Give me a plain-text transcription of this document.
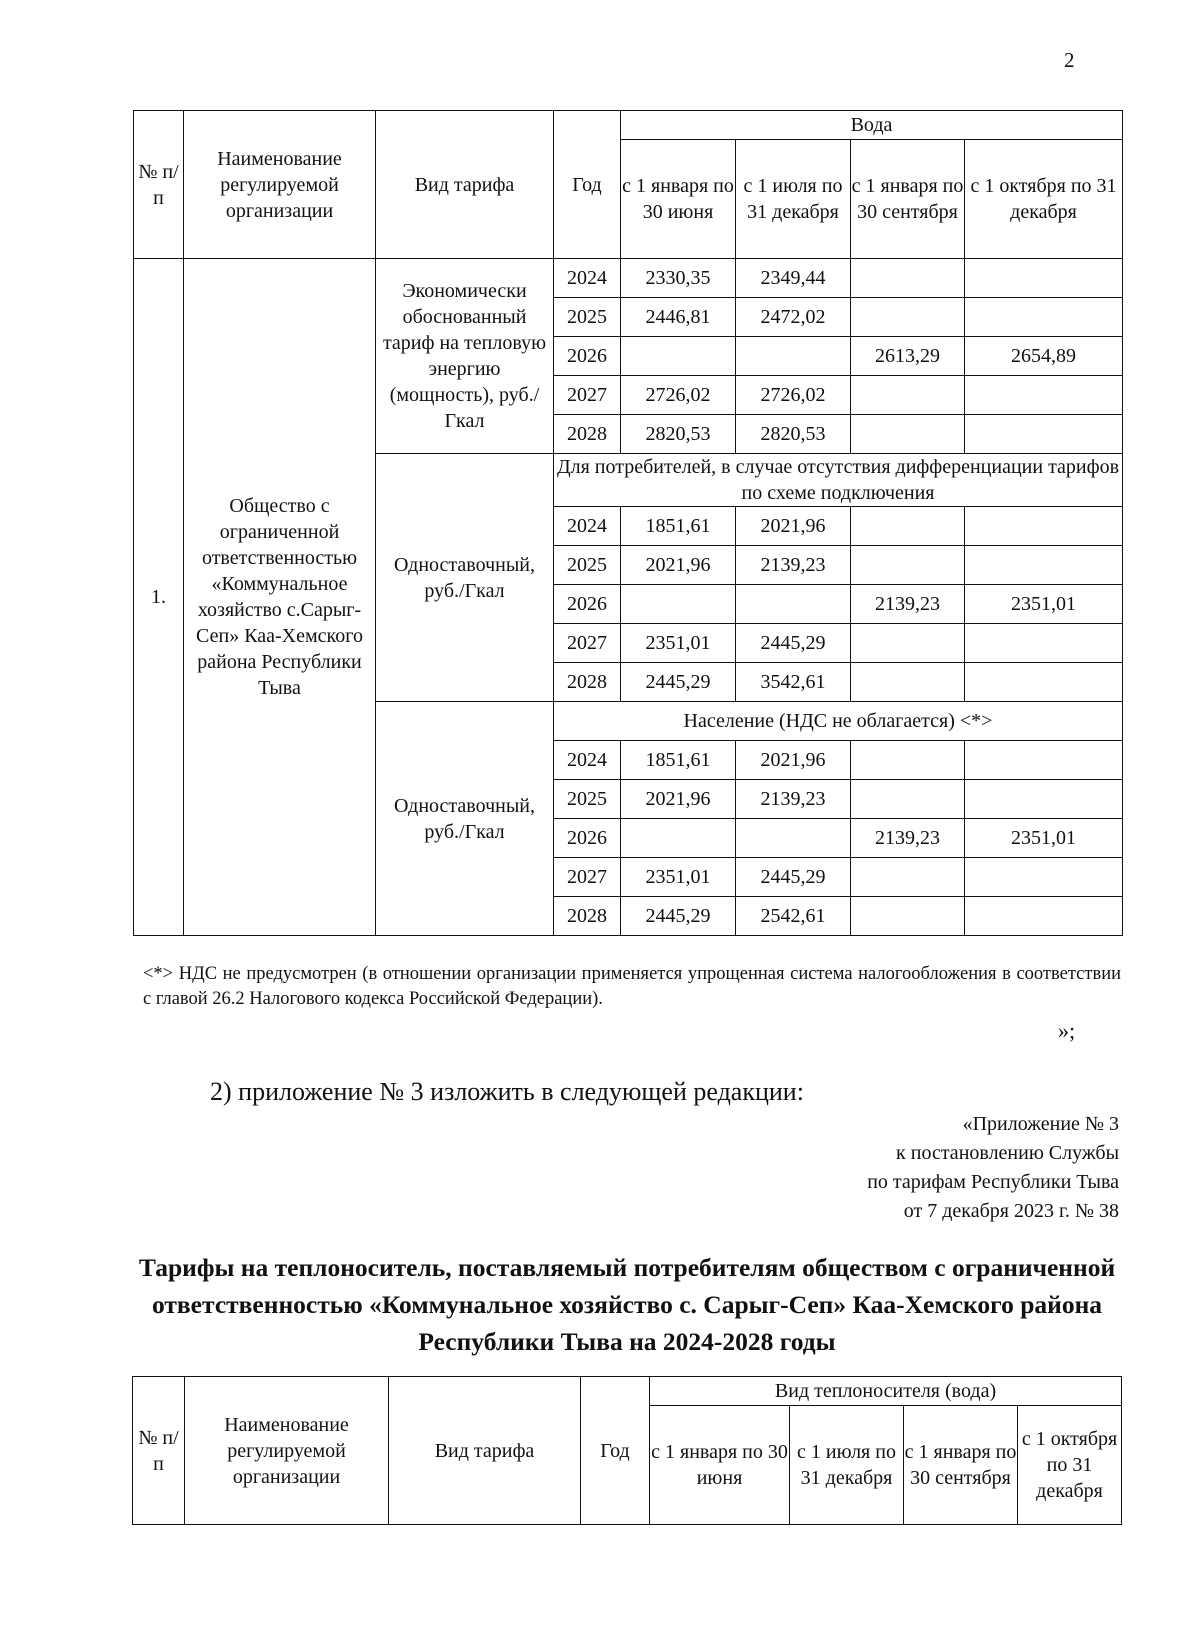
2
№ п/п	Наименование регулируемой организации	Вид тарифа	Год	Вода			
				с 1 января по 30 июня	с 1 июля по 31 декабря	с 1 января по 30 сентября	с 1 октября по 31 декабря
1.	Общество с ограниченной ответственностью «Коммунальное хозяйство с.Сарыг-Сеп» Каа-Хемского района Республики Тыва	Экономически обоснованный тариф на тепловую энергию (мощность), руб./Гкал	2024	2330,35	2349,44		
			2025	2446,81	2472,02		
			2026			2613,29	2654,89
			2027	2726,02	2726,02		
			2028	2820,53	2820,53		
		Одноставочный, руб./Гкал	Для потребителей, в случае отсутствия дифференциации тарифов по схеме подключения				
			2024	1851,61	2021,96		
			2025	2021,96	2139,23		
			2026			2139,23	2351,01
			2027	2351,01	2445,29		
			2028	2445,29	3542,61		
		Одноставочный, руб./Гкал	Население (НДС не облагается) <*>				
			2024	1851,61	2021,96		
			2025	2021,96	2139,23		
			2026			2139,23	2351,01
			2027	2351,01	2445,29		
			2028	2445,29	2542,61		
<*> НДС не предусмотрен (в отношении организации применяется упрощенная система налогообложения в соответствии с главой 26.2 Налогового кодекса Российской Федерации).
»;
2) приложение № 3 изложить в следующей редакции:
«Приложение № 3
к постановлению Службы
по тарифам Республики Тыва
от 7 декабря 2023 г. № 38
Тарифы на теплоноситель, поставляемый потребителям обществом с ограниченной ответственностью «Коммунальное хозяйство с. Сарыг-Сеп» Каа-Хемского района Республики Тыва на 2024-2028 годы
№ п/п	Наименование регулируемой организации	Вид тарифа	Год	Вид теплоносителя (вода)			
				с 1 января по 30 июня	с 1 июля по 31 декабря	с 1 января по 30 сентября	с 1 октября по 31 декабря
